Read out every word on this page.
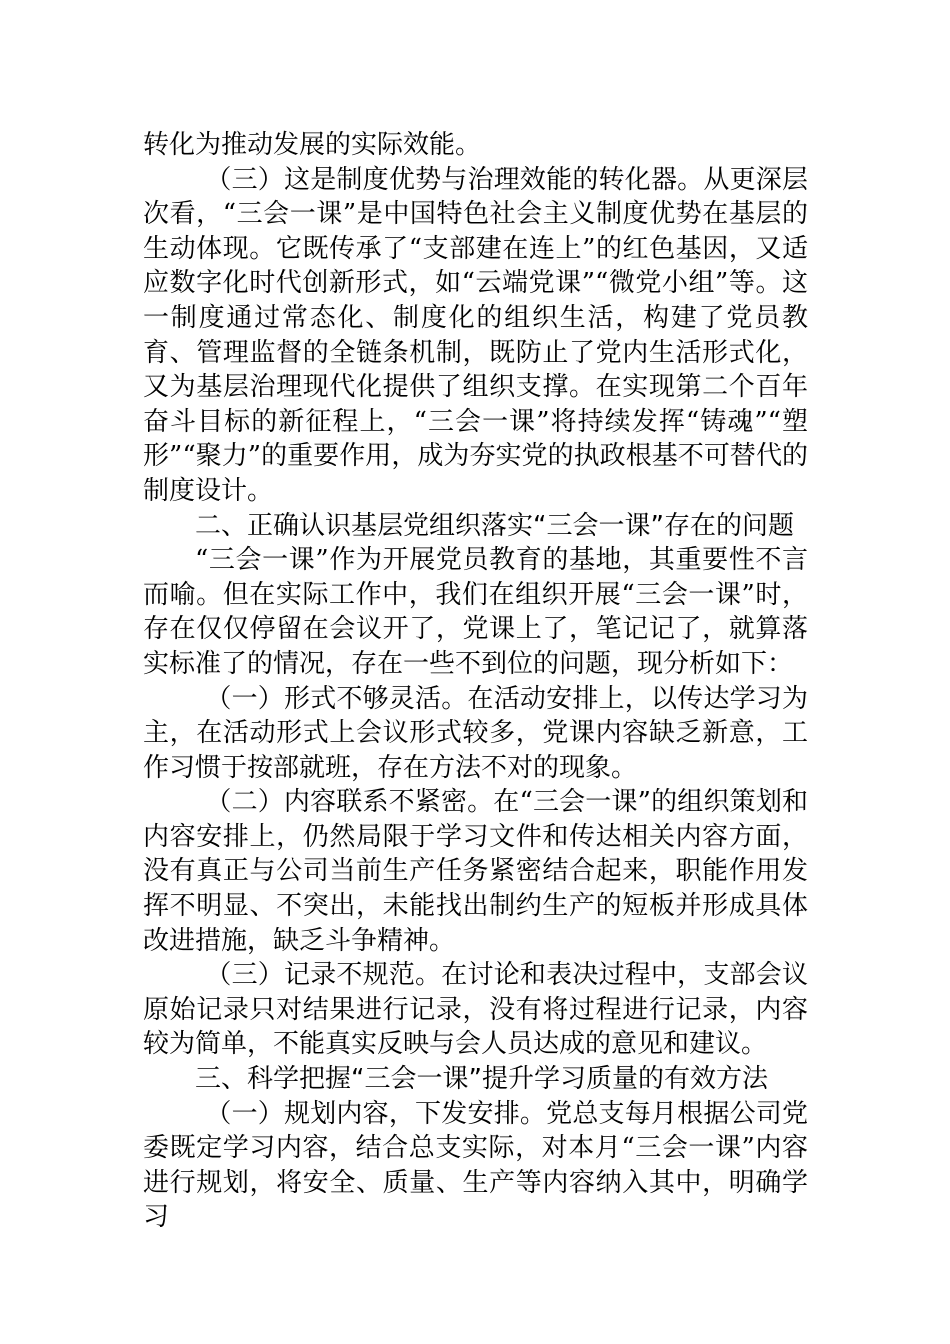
转化为推动发展的实际效能。

（三）这是制度优势与治理效能的转化器。从更深层次看，“三会一课”是中国特色社会主义制度优势在基层的生动体现。它既传承了“支部建在连上”的红色基因，又适应数字化时代创新形式，如“云端党课”“微党小组”等。这一制度通过常态化、制度化的组织生活，构建了党员教育、管理监督的全链条机制，既防止了党内生活形式化，又为基层治理现代化提供了组织支撑。在实现第二个百年奋斗目标的新征程上，“三会一课”将持续发挥“铸魂”“塑形”“聚力”的重要作用，成为夯实党的执政根基不可替代的制度设计。

二、正确认识基层党组织落实“三会一课”存在的问题

“三会一课”作为开展党员教育的基地，其重要性不言而喻。但在实际工作中，我们在组织开展“三会一课”时，存在仅仅停留在会议开了，党课上了，笔记记了，就算落实标准了的情况，存在一些不到位的问题，现分析如下：

（一）形式不够灵活。在活动安排上，以传达学习为主，在活动形式上会议形式较多，党课内容缺乏新意，工作习惯于按部就班，存在方法不对的现象。

（二）内容联系不紧密。在“三会一课”的组织策划和内容安排上，仍然局限于学习文件和传达相关内容方面，没有真正与公司当前生产任务紧密结合起来，职能作用发挥不明显、不突出，未能找出制约生产的短板并形成具体改进措施，缺乏斗争精神。

（三）记录不规范。在讨论和表决过程中，支部会议原始记录只对结果进行记录，没有将过程进行记录，内容较为简单，不能真实反映与会人员达成的意见和建议。

三、科学把握“三会一课”提升学习质量的有效方法

（一）规划内容，下发安排。党总支每月根据公司党委既定学习内容，结合总支实际，对本月“三会一课”内容进行规划，将安全、质量、生产等内容纳入其中，明确学习
